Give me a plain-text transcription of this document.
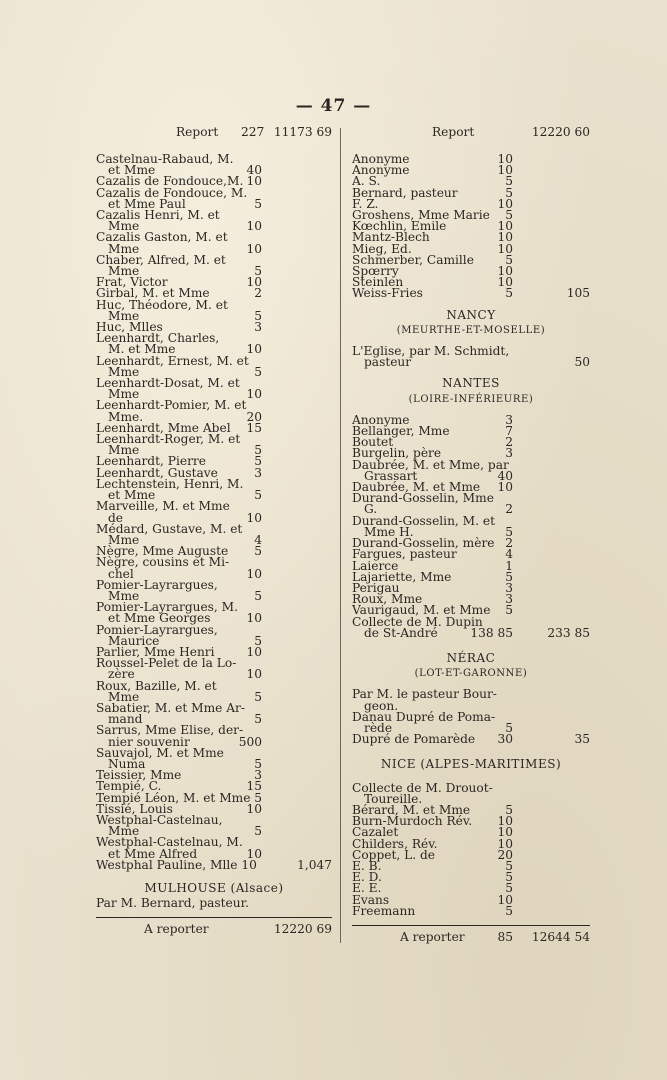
— 47 —
Report 227 11173 69
Castelnau-Rabaud, M.
et Mme	40
Cazalis de Fondouce,M. 10
Cazalis de Fondouce, M.
et Mme Paul	5
Cazalis Henri, M. et
Mme	10
Cazalis Gaston, M. et
Mme	10
Chaber, Alfred, M. et
Mme	5
Frat, Victor	10
Girbal, M. et Mme	2
Huc, Théodore, M. et
Mme	5
Huc, Mlles	3
Leenhardt, Charles,
M. et Mme	10
Leenhardt, Ernest, M. et
Mme	5
Leenhardt-Dosat, M. et
Mme	10
Leenhardt-Pomier, M. et
Mme.	20
Leenhardt, Mme Abel	15
Leenhardt-Roger, M. et
Mme	5
Leenhardt, Pierre	5
Leenhardt, Gustave	3
Lechtenstein, Henri, M.
et Mme	5
Marveille, M. et Mme
de	10
Médard, Gustave, M. et
Mme	4
Nègre, Mme Auguste	5
Nègre, cousins et Mi-
chel	10
Pomier-Layrargues,
Mme	5
Pomier-Layrargues, M.
et Mme Georges	10
Pomier-Layrargues,
Maurice	5
Parlier, Mme Henri	10
Roussel-Pelet de la Lo-
zère	10
Roux, Bazille, M. et
Mme	5
Sabatier, M. et Mme Ar-
mand	5
Sarrus, Mme Elise, der-
nier souvenir	500
Sauvajol, M. et Mme
Numa	5
Teissier, Mme	3
Tempié, C.	15
Tempié Léon, M. et Mme 5
Tissié, Louis	10
Westphal-Castelnau,
Mme	5
Westphal-Castelnau, M.
et Mme Alfred	10
Westphal Pauline, Mlle 10	1,047
MULHOUSE (Alsace)
Par M. Bernard, pasteur.
A reporter	12220 69
Report	12220 60
Anonyme	10
Anonyme	10
A. S.	5
Bernard, pasteur	5
F. Z.	10
Groshens, Mme Marie	5
Kœchlin, Emile	10
Mantz-Blech	10
Mieg, Ed.	10
Schmerber, Camille	5
Spœrry	10
Steinlen	10
Weiss-Fries	5	105
NANCY
(MEURTHE-ET-MOSELLE)
L'Eglise, par M. Schmidt,
pasteur	50
NANTES
(LOIRE-INFÉRIEURE)
Anonyme	3
Bellanger, Mme	7
Boutet	2
Burgelin, père	3
Daubrée, M. et Mme, par
Grassart	40
Daubrée, M. et Mme	10
Durand-Gosselin, Mme
G.	2
Durand-Gosselin, M. et
Mme H.	5
Durand-Gosselin, mère 2
Fargues, pasteur	4
Laierce	1
Lajariette, Mme	5
Perigau	3
Roux, Mme	3
Vaurigaud, M. et Mme	5
Collecte de M. Dupin
de St-André	138 85	233 85
NÉRAC
(LOT-ET-GARONNE)
Par M. le pasteur Bour-
geon.
Danau Dupré de Poma-
rède	5
Dupré de Pomarède	30	35
NICE (ALPES-MARITIMES)
Collecte de M. Drouot-
Toureille.
Bérard, M. et Mme	5
Burn-Murdoch Rév.	10
Cazalet	10
Childers, Rév.	10
Coppet, L. de	20
E. B.	5
E. D.	5
E. E.	5
Evans	10
Freemann	5
A reporter	85 12644 54
